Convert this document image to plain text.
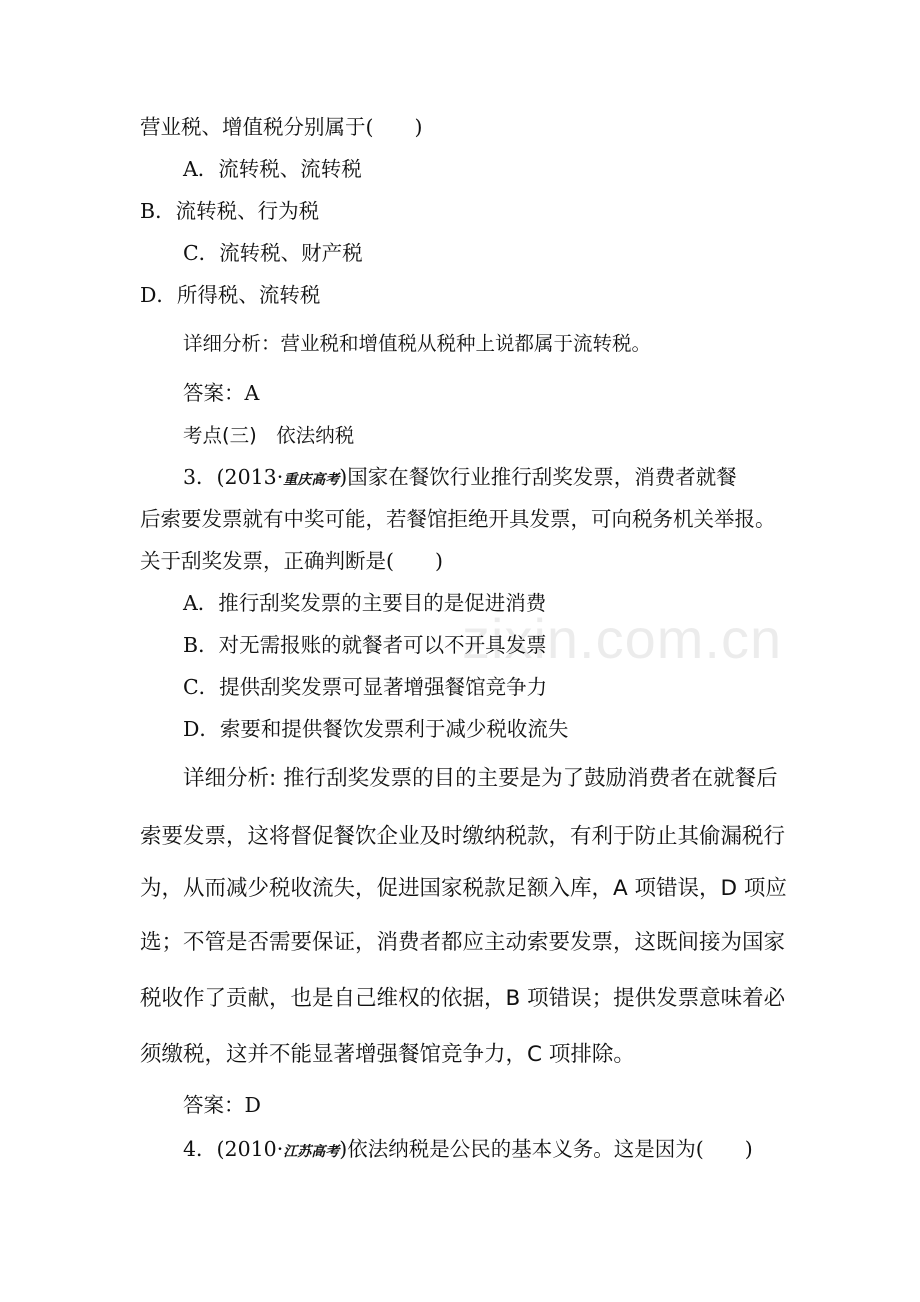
zixin.com.cn
营业税、增值税分别属于(　　)
A．流转税、流转税
B．流转税、行为税
C．流转税、财产税
D．所得税、流转税
详细分析：营业税和增值税从税种上说都属于流转税。
答案：A
考点(三)　依法纳税
3．(2013·重庆高考)国家在餐饮行业推行刮奖发票，消费者就餐
后索要发票就有中奖可能，若餐馆拒绝开具发票，可向税务机关举报。
关于刮奖发票，正确判断是(　　)
A．推行刮奖发票的主要目的是促进消费
B．对无需报账的就餐者可以不开具发票
C．提供刮奖发票可显著增强餐馆竞争力
D．索要和提供餐饮发票利于减少税收流失
详细分析: 推行刮奖发票的目的主要是为了鼓励消费者在就餐后
索要发票，这将督促餐饮企业及时缴纳税款，有利于防止其偷漏税行
为，从而减少税收流失，促进国家税款足额入库，A 项错误，D 项应
选；不管是否需要保证，消费者都应主动索要发票，这既间接为国家
税收作了贡献，也是自己维权的依据，B 项错误；提供发票意味着必
须缴税，这并不能显著增强餐馆竞争力，C 项排除。
答案：D
4．(2010·江苏高考)依法纳税是公民的基本义务。这是因为(　　)
